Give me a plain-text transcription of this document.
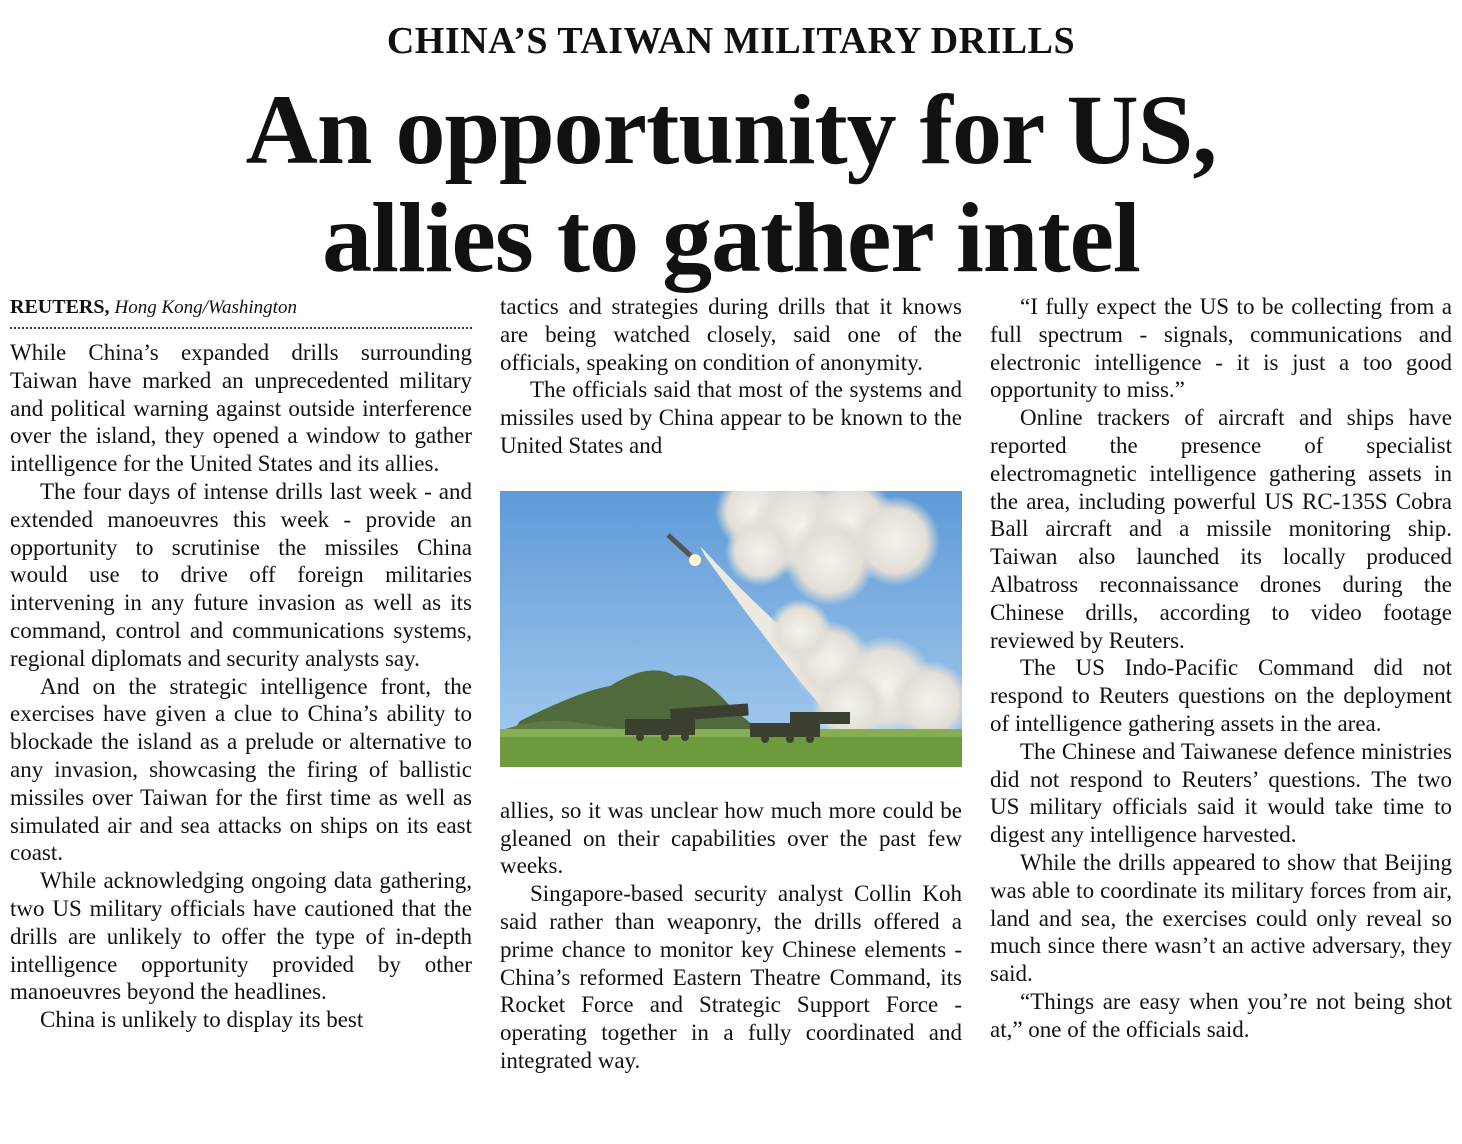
CHINA’S TAIWAN MILITARY DRILLS
An opportunity for US,
allies to gather intel
REUTERS, Hong Kong/Washington

While China’s expanded drills surrounding Taiwan have marked an unprecedented military and political warning against outside interference over the island, they opened a window to gather intelligence for the United States and its allies.

The four days of intense drills last week - and extended manoeuvres this week - provide an opportunity to scrutinise the missiles China would use to drive off foreign militaries intervening in any future invasion as well as its command, control and communications systems, regional diplomats and security analysts say.

And on the strategic intelligence front, the exercises have given a clue to China’s ability to blockade the island as a prelude or alternative to any invasion, showcasing the firing of ballistic missiles over Taiwan for the first time as well as simulated air and sea attacks on ships on its east coast.

While acknowledging ongoing data gathering, two US military officials have cautioned that the drills are unlikely to offer the type of in-depth intelligence opportunity provided by other manoeuvres beyond the headlines.

China is unlikely to display its best

tactics and strategies during drills that it knows are being watched closely, said one of the officials, speaking on condition of anonymity.

The officials said that most of the systems and missiles used by China appear to be known to the United States and

allies, so it was unclear how much more could be gleaned on their capabilities over the past few weeks.

Singapore-based security analyst Collin Koh said rather than weaponry, the drills offered a prime chance to monitor key Chinese elements - China’s reformed Eastern Theatre Command, its Rocket Force and Strategic Support Force - operating together in a fully coordinated and integrated way.

“I fully expect the US to be collecting from a full spectrum - signals, communications and electronic intelligence - it is just a too good opportunity to miss.”

Online trackers of aircraft and ships have reported the presence of specialist electromagnetic intelligence gathering assets in the area, including powerful US RC-135S Cobra Ball aircraft and a missile monitoring ship. Taiwan also launched its locally produced Albatross reconnaissance drones during the Chinese drills, according to video footage reviewed by Reuters.

The US Indo-Pacific Command did not respond to Reuters questions on the deployment of intelligence gathering assets in the area.

The Chinese and Taiwanese defence ministries did not respond to Reuters’ questions. The two US military officials said it would take time to digest any intelligence harvested.

While the drills appeared to show that Beijing was able to coordinate its military forces from air, land and sea, the exercises could only reveal so much since there wasn’t an active adversary, they said.

“Things are easy when you’re not being shot at,” one of the officials said.
